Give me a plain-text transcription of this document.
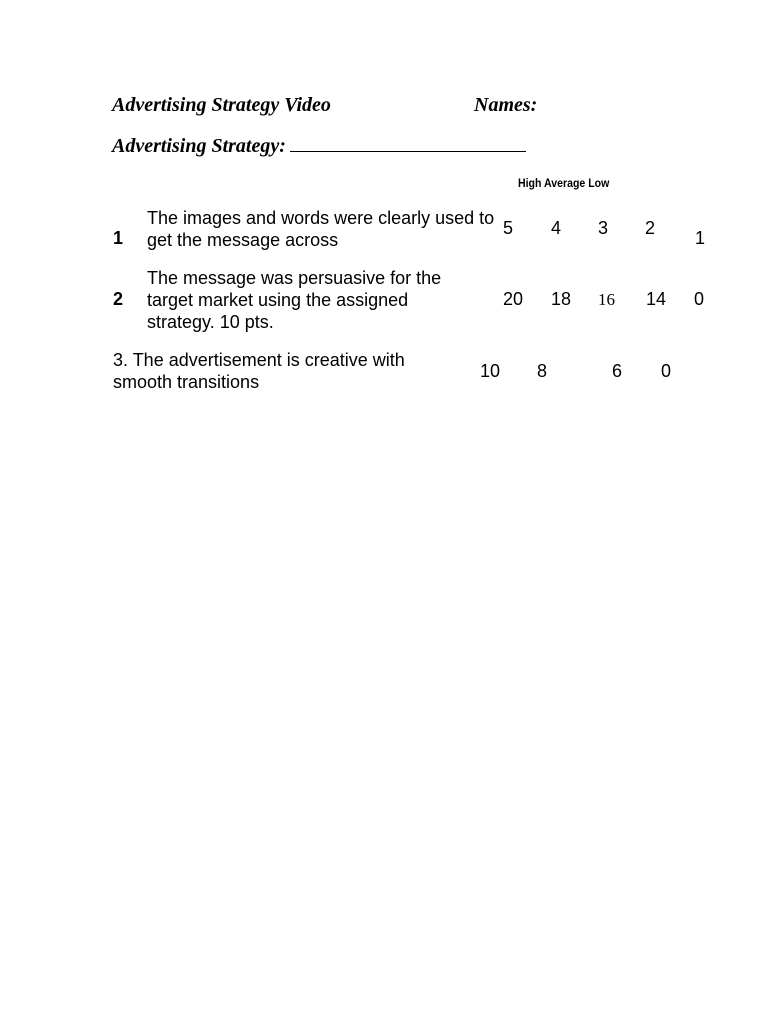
Advertising Strategy Video	Names:
Advertising Strategy:
High Average Low
1
The images and words were clearly used to get the message across
5 4 3 2 1
2
The message was persuasive for the target market using the assigned strategy. 10 pts.
20 18 16 14 0
3. The advertisement is creative with smooth transitions
10 8	6 0
